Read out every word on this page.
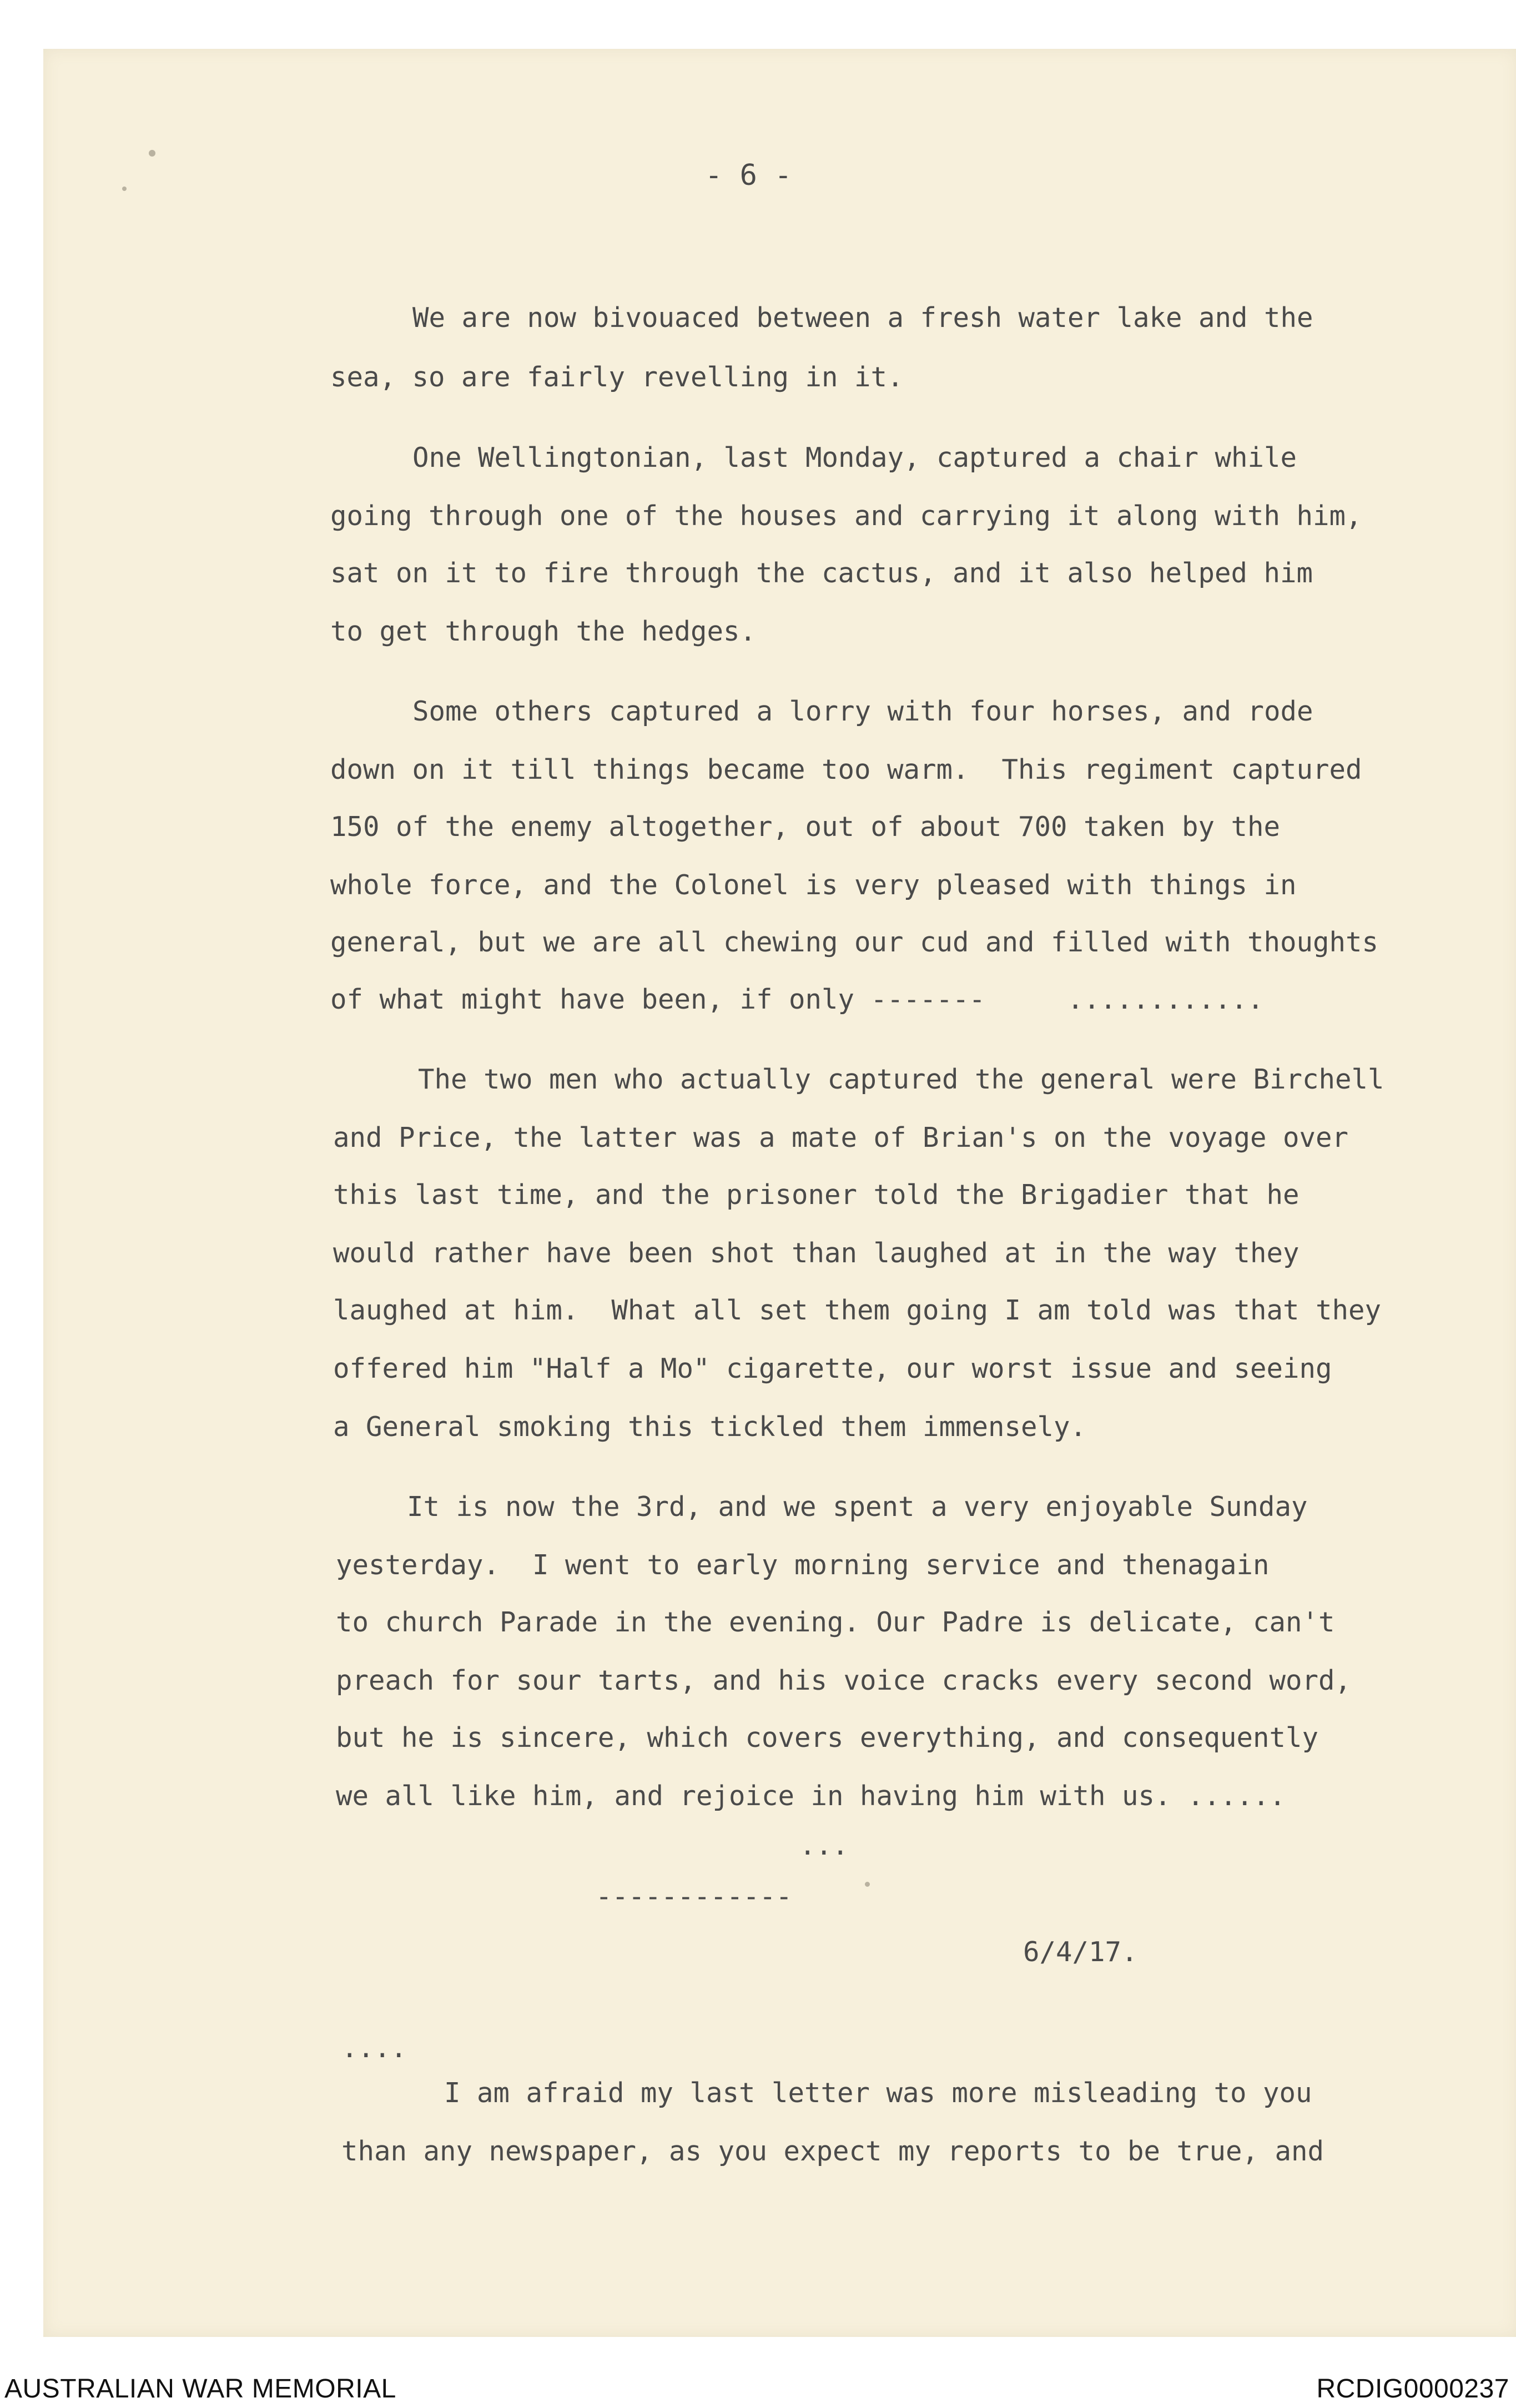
- 6 -
We are now bivouaced between a fresh water lake and the
sea, so are fairly revelling in it.
One Wellingtonian, last Monday, captured a chair while
going through one of the houses and carrying it along with him,
sat on it to fire through the cactus, and it also helped him
to get through the hedges.
Some others captured a lorry with four horses, and rode
down on it till things became too warm.  This regiment captured
150 of the enemy altogether, out of about 700 taken by the
whole force, and the Colonel is very pleased with things in
general, but we are all chewing our cud and filled with thoughts
of what might have been, if only -------     ............
The two men who actually captured the general were Birchell
and Price, the latter was a mate of Brian's on the voyage over
this last time, and the prisoner told the Brigadier that he
would rather have been shot than laughed at in the way they
laughed at him.  What all set them going I am told was that they
offered him "Half a Mo" cigarette, our worst issue and seeing
a General smoking this tickled them immensely.
It is now the 3rd, and we spent a very enjoyable Sunday
yesterday.  I went to early morning service and thenagain
to church Parade in the evening. Our Padre is delicate, can't
preach for sour tarts, and his voice cracks every second word,
but he is sincere, which covers everything, and consequently
we all like him, and rejoice in having him with us. ......
...
------------
6/4/17.
....
I am afraid my last letter was more misleading to you
than any newspaper, as you expect my reports to be true, and
AUSTRALIAN WAR MEMORIAL	RCDIG0000237
